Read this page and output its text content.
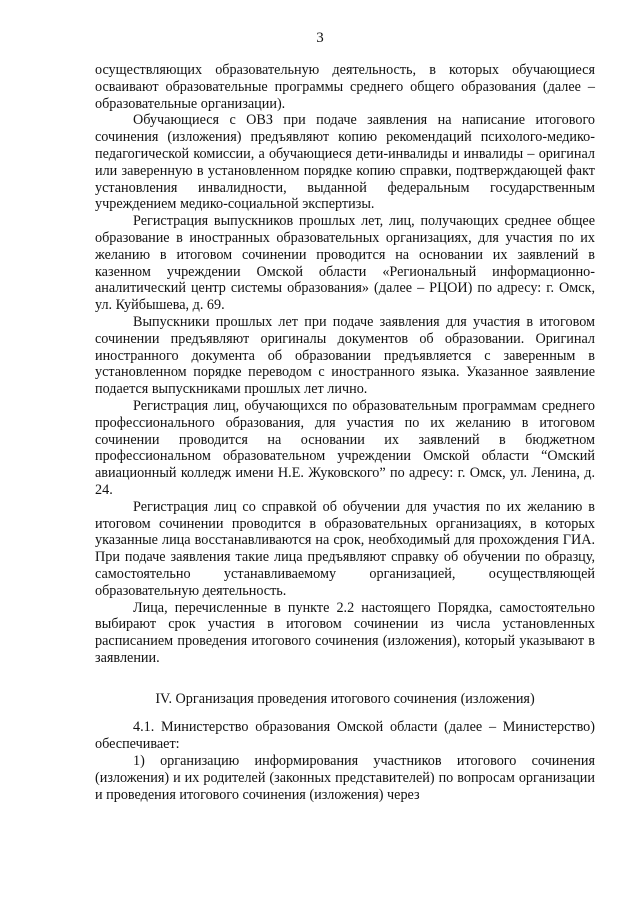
3

осуществляющих образовательную деятельность, в которых обучающиеся осваивают образовательные программы среднего общего образования (далее – образовательные организации).

Обучающиеся с ОВЗ при подаче заявления на написание итогового сочинения (изложения) предъявляют копию рекомендаций психолого-медико-педагогической комиссии, а обучающиеся дети-инвалиды и инвалиды – оригинал или заверенную в установленном порядке копию справки, подтверждающей факт установления инвалидности, выданной федеральным государственным учреждением медико-социальной экспертизы.

Регистрация выпускников прошлых лет, лиц, получающих среднее общее образование в иностранных образовательных организациях, для участия по их желанию в итоговом сочинении проводится на основании их заявлений в казенном учреждении Омской области «Региональный информационно-аналитический центр системы образования» (далее – РЦОИ) по адресу: г. Омск, ул. Куйбышева, д. 69.

Выпускники прошлых лет при подаче заявления для участия в итоговом сочинении предъявляют оригиналы документов об образовании. Оригинал иностранного документа об образовании предъявляется с заверенным в установленном порядке переводом с иностранного языка. Указанное заявление подается выпускниками прошлых лет лично.

Регистрация лиц, обучающихся по образовательным программам среднего профессионального образования, для участия по их желанию в итоговом сочинении проводится на основании их заявлений в бюджетном профессиональном образовательном учреждении Омской области “Омский авиационный колледж имени Н.Е. Жуковского” по адресу: г. Омск, ул. Ленина, д. 24.

Регистрация лиц со справкой об обучении для участия по их желанию в итоговом сочинении проводится в образовательных организациях, в которых указанные лица восстанавливаются на срок, необходимый для прохождения ГИА. При подаче заявления такие лица предъявляют справку об обучении по образцу, самостоятельно устанавливаемому организацией, осуществляющей образовательную деятельность.

Лица, перечисленные в пункте 2.2 настоящего Порядка, самостоятельно выбирают срок участия в итоговом сочинении из числа установленных расписанием проведения итогового сочинения (изложения), который указывают в заявлении.

IV. Организация проведения итогового сочинения (изложения)

4.1. Министерство образования Омской области (далее – Министерство) обеспечивает:

1) организацию информирования участников итогового сочинения (изложения) и их родителей (законных представителей) по вопросам организации и проведения итогового сочинения (изложения) через
